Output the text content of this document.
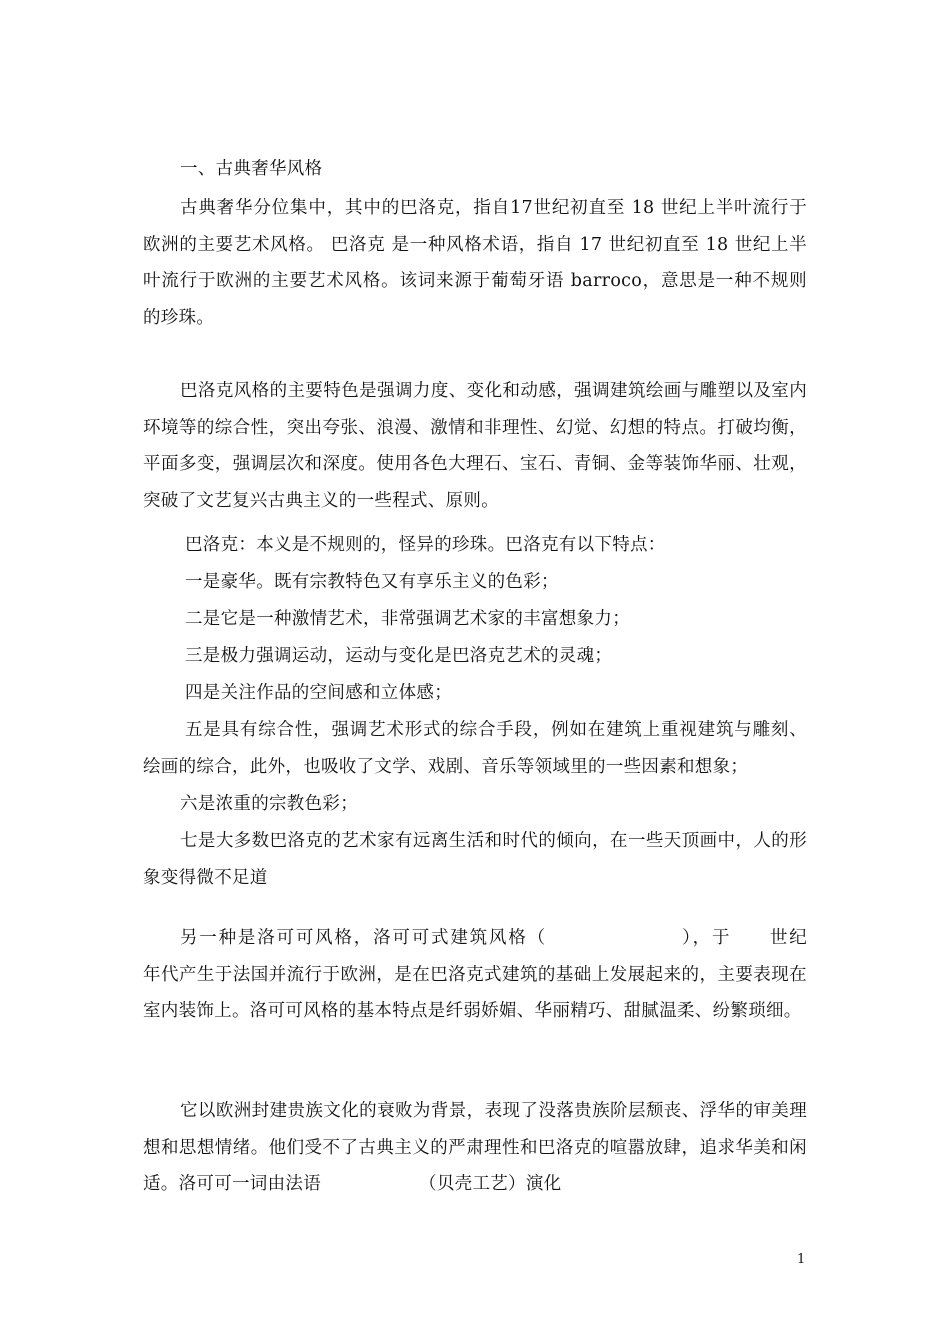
一、古典奢华风格

古典奢华分位集中，其中的巴洛克，指自17世纪初直至 18 世纪上半叶流行于欧洲的主要艺术风格。 巴洛克 是一种风格术语，指自 17 世纪初直至 18 世纪上半叶流行于欧洲的主要艺术风格。该词来源于葡萄牙语 barroco，意思是一种不规则的珍珠。

巴洛克风格的主要特色是强调力度、变化和动感，强调建筑绘画与雕塑以及室内环境等的综合性，突出夸张、浪漫、激情和非理性、幻觉、幻想的特点。打破均衡，平面多变，强调层次和深度。使用各色大理石、宝石、青铜、金等装饰华丽、壮观，突破了文艺复兴古典主义的一些程式、原则。

巴洛克：本义是不规则的，怪异的珍珠。巴洛克有以下特点：

一是豪华。既有宗教特色又有享乐主义的色彩；

二是它是一种激情艺术，非常强调艺术家的丰富想象力；

三是极力强调运动，运动与变化是巴洛克艺术的灵魂；

四是关注作品的空间感和立体感；

五是具有综合性，强调艺术形式的综合手段，例如在建筑上重视建筑与雕刻、绘画的综合，此外，也吸收了文学、戏剧、音乐等领域里的一些因素和想象；

六是浓重的宗教色彩；

七是大多数巴洛克的艺术家有远离生活和时代的倾向，在一些天顶画中，人的形象变得微不足道

另一种是洛可可风格，洛可可式建筑风格（　　　　　　　），于　　世纪　　　　年代产生于法国并流行于欧洲，是在巴洛克式建筑的基础上发展起来的，主要表现在室内装饰上。洛可可风格的基本特点是纤弱娇媚、华丽精巧、甜腻温柔、纷繁琐细。

它以欧洲封建贵族文化的衰败为背景，表现了没落贵族阶层颓丧、浮华的审美理想和思想情绪。他们受不了古典主义的严肃理性和巴洛克的喧嚣放肆，追求华美和闲适。洛可可一词由法语　　　　　　（贝壳工艺）演化

1
